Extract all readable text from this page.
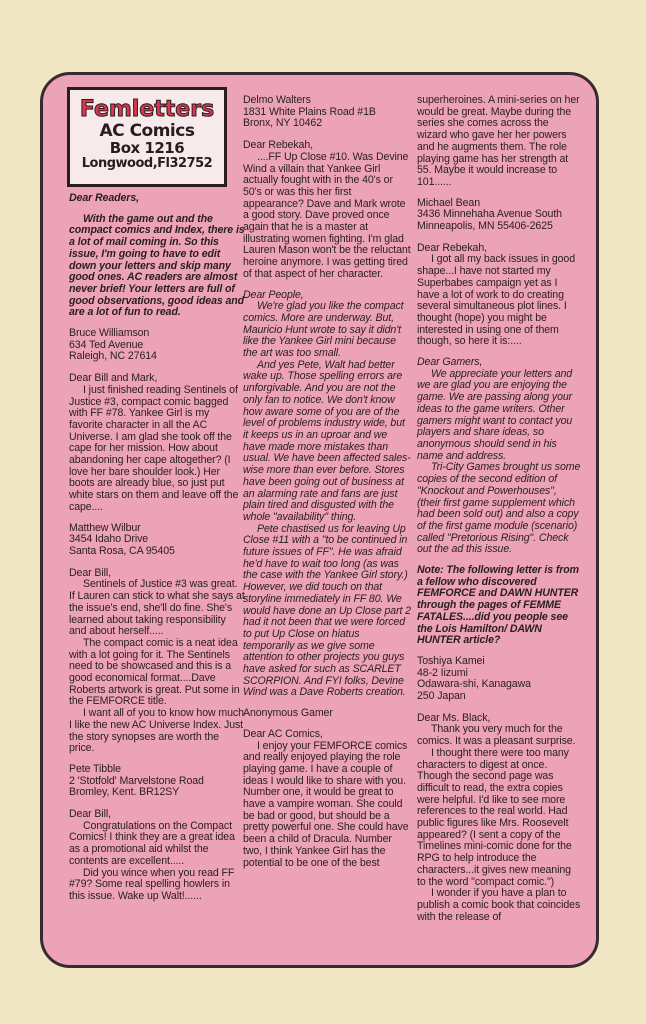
Femletters
AC Comics
Box 1216
Longwood,Fl32752

Dear Readers,

With the game out and the compact comics and Index, there is a lot of mail coming in. So this issue, I'm going to have to edit down your letters and skip many good ones. AC readers are almost never brief! Your letters are full of good observations, good ideas and are a lot of fun to read.

Bruce Williamson
634 Ted Avenue
Raleigh, NC 27614
Dear Bill and Mark,

I just finished reading Sentinels of Justice #3, compact comic bagged with FF #78. Yankee Girl is my favorite character in all the AC Universe. I am glad she took off the cape for her mission. How about abandoning her cape altogether? (I love her bare shoulder look.) Her boots are already blue, so just put white stars on them and leave off the cape....

Matthew Wilbur
3454 Idaho Drive
Santa Rosa, CA 95405
Dear Bill,

Sentinels of Justice #3 was great. If Lauren can stick to what she says at the issue's end, she'll do fine. She's learned about taking responsibility and about herself.....

The compact comic is a neat idea with a lot going for it. The Sentinels need to be showcased and this is a good economical format....Dave Roberts artwork is great. Put some in the FEMFORCE title.

I want all of you to know how much I like the new AC Universe Index. Just the story synopses are worth the price.

Pete Tibble
2 'Stotfold' Marvelstone Road
Bromley, Kent. BR12SY
Dear Bill,

Congratulations on the Compact Comics! I think they are a great idea as a promotional aid whilst the contents are excellent.....

Did you wince when you read FF #79? Some real spelling howlers in this issue. Wake up Walt!......

Delmo Walters
1831 White Plains Road #1B
Bronx, NY 10462
Dear Rebekah,

....FF Up Close #10. Was Devine Wind a villain that Yankee Girl actually fought with in the 40's or 50's or was this her first appearance? Dave and Mark wrote a good story. Dave proved once again that he is a master at illustrating women fighting. I'm glad Lauren Mason won't be the reluctant heroine anymore. I was getting tired of that aspect of her character.

Dear People,

We're glad you like the compact comics. More are underway. But, Mauricio Hunt wrote to say it didn't like the Yankee Girl mini because the art was too small.

And yes Pete, Walt had better wake up. Those spelling errors are unforgivable. And you are not the only fan to notice. We don't know how aware some of you are of the level of problems industry wide, but it keeps us in an uproar and we have made more mistakes than usual. We have been affected sales-wise more than ever before. Stores have been going out of business at an alarming rate and fans are just plain tired and disgusted with the whole "availability" thing.

Pete chastised us for leaving Up Close #11 with a "to be continued in future issues of FF". He was afraid he'd have to wait too long (as was the case with the Yankee Girl story.) However, we did touch on that storyline immediately in FF 80. We would have done an Up Close part 2 had it not been that we were forced to put Up Close on hiatus temporarily as we give some attention to other projects you guys have asked for such as SCARLET SCORPION. And FYI folks, Devine Wind was a Dave Roberts creation.

Anonymous Gamer

Dear AC Comics,

I enjoy your FEMFORCE comics and really enjoyed playing the role playing game. I have a couple of ideas I would like to share with you. Number one, it would be great to have a vampire woman. She could be bad or good, but should be a pretty powerful one. She could have been a child of Dracula. Number two, I think Yankee Girl has the potential to be one of the best

superheroines. A mini-series on her would be great. Maybe during the series she comes across the wizard who gave her her powers and he augments them. The role playing game has her strength at 55. Maybe it would increase to 101......

Michael Bean
3436 Minnehaha Avenue South
Minneapolis, MN 55406-2625
Dear Rebekah,

I got all my back issues in good shape...I have not started my Superbabes campaign yet as I have a lot of work to do creating several simultaneous plot lines. I thought (hope) you might be interested in using one of them though, so here it is:....

Dear Gamers,

We appreciate your letters and we are glad you are enjoying the game. We are passing along your ideas to the game writers. Other gamers might want to contact you players and share ideas, so anonymous should send in his name and address.

Tri-City Games brought us some copies of the second edition of "Knockout and Powerhouses", (their first game supplement which had been sold out) and also a copy of the first game module (scenario) called "Pretorious Rising". Check out the ad this issue.

Note: The following letter is from a fellow who discovered FEMFORCE and DAWN HUNTER through the pages of FEMME FATALES....did you people see the Lois Hamilton/ DAWN HUNTER article?

Toshiya Kamei
48-2 Iizumi
Odawara-shi, Kanagawa
250 Japan
Dear Ms. Black,

Thank you very much for the comics. It was a pleasant surprise.

I thought there were too many characters to digest at once. Though the second page was difficult to read, the extra copies were helpful. I'd like to see more references to the real world. Had public figures like Mrs. Roosevelt appeared? (I sent a copy of the Timelines mini-comic done for the RPG to help introduce the characters...it gives new meaning to the word "compact comic.")

I wonder if you have a plan to publish a comic book that coincides with the release of
